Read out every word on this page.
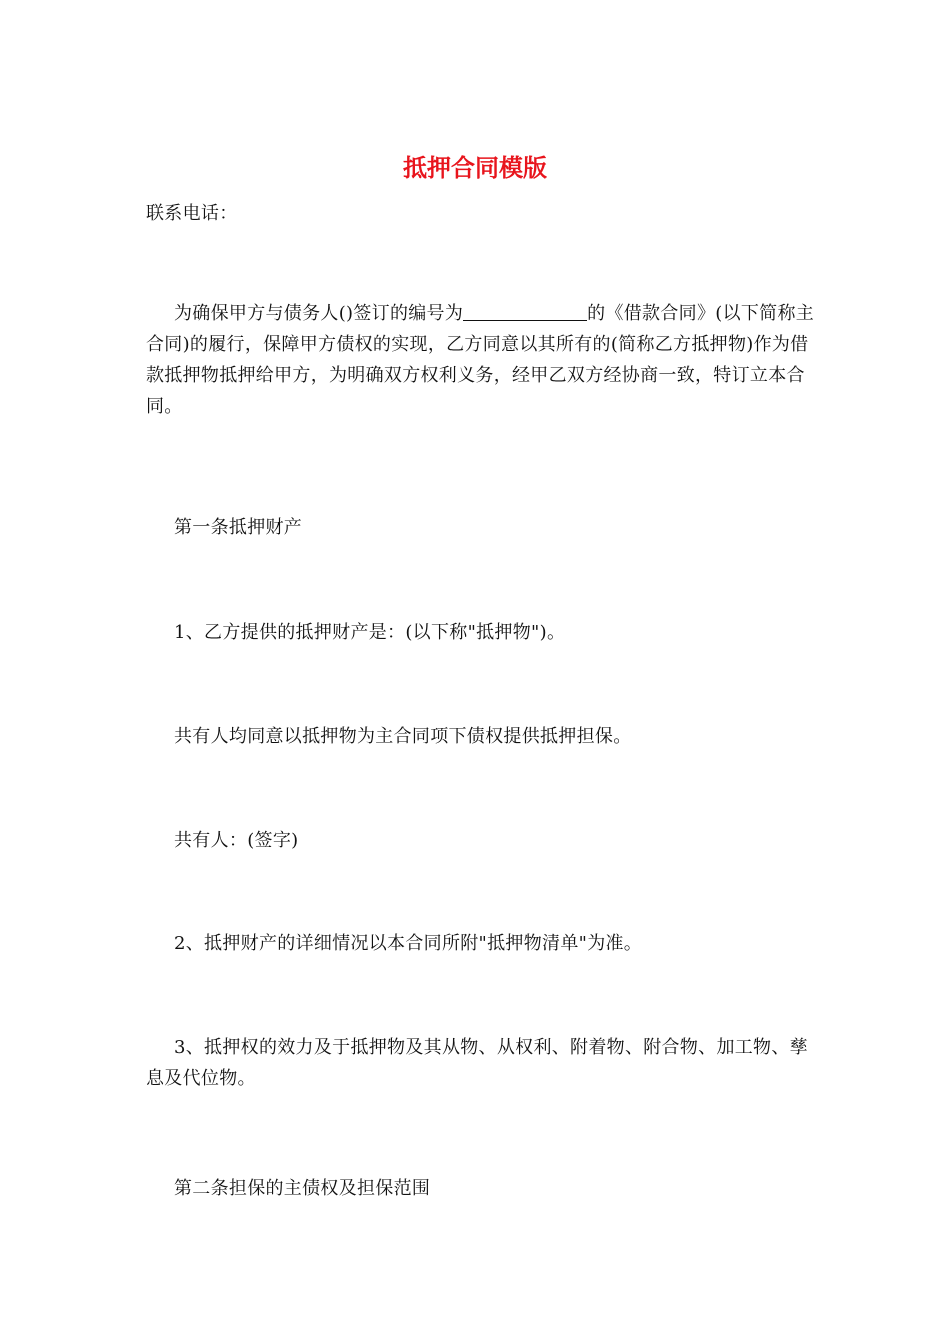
抵押合同模版

联系电话：

为确保甲方与债务人()签订的编号为	的《借款合同》(以下简称主合同)的履行，保障甲方债权的实现，乙方同意以其所有的(简称乙方抵押物)作为借款抵押物抵押给甲方，为明确双方权利义务，经甲乙双方经协商一致，特订立本合同。

第一条抵押财产

1、乙方提供的抵押财产是：(以下称"抵押物")。

共有人均同意以抵押物为主合同项下债权提供抵押担保。

共有人：(签字)

2、抵押财产的详细情况以本合同所附"抵押物清单"为准。

3、抵押权的效力及于抵押物及其从物、从权利、附着物、附合物、加工物、孳息及代位物。

第二条担保的主债权及担保范围
